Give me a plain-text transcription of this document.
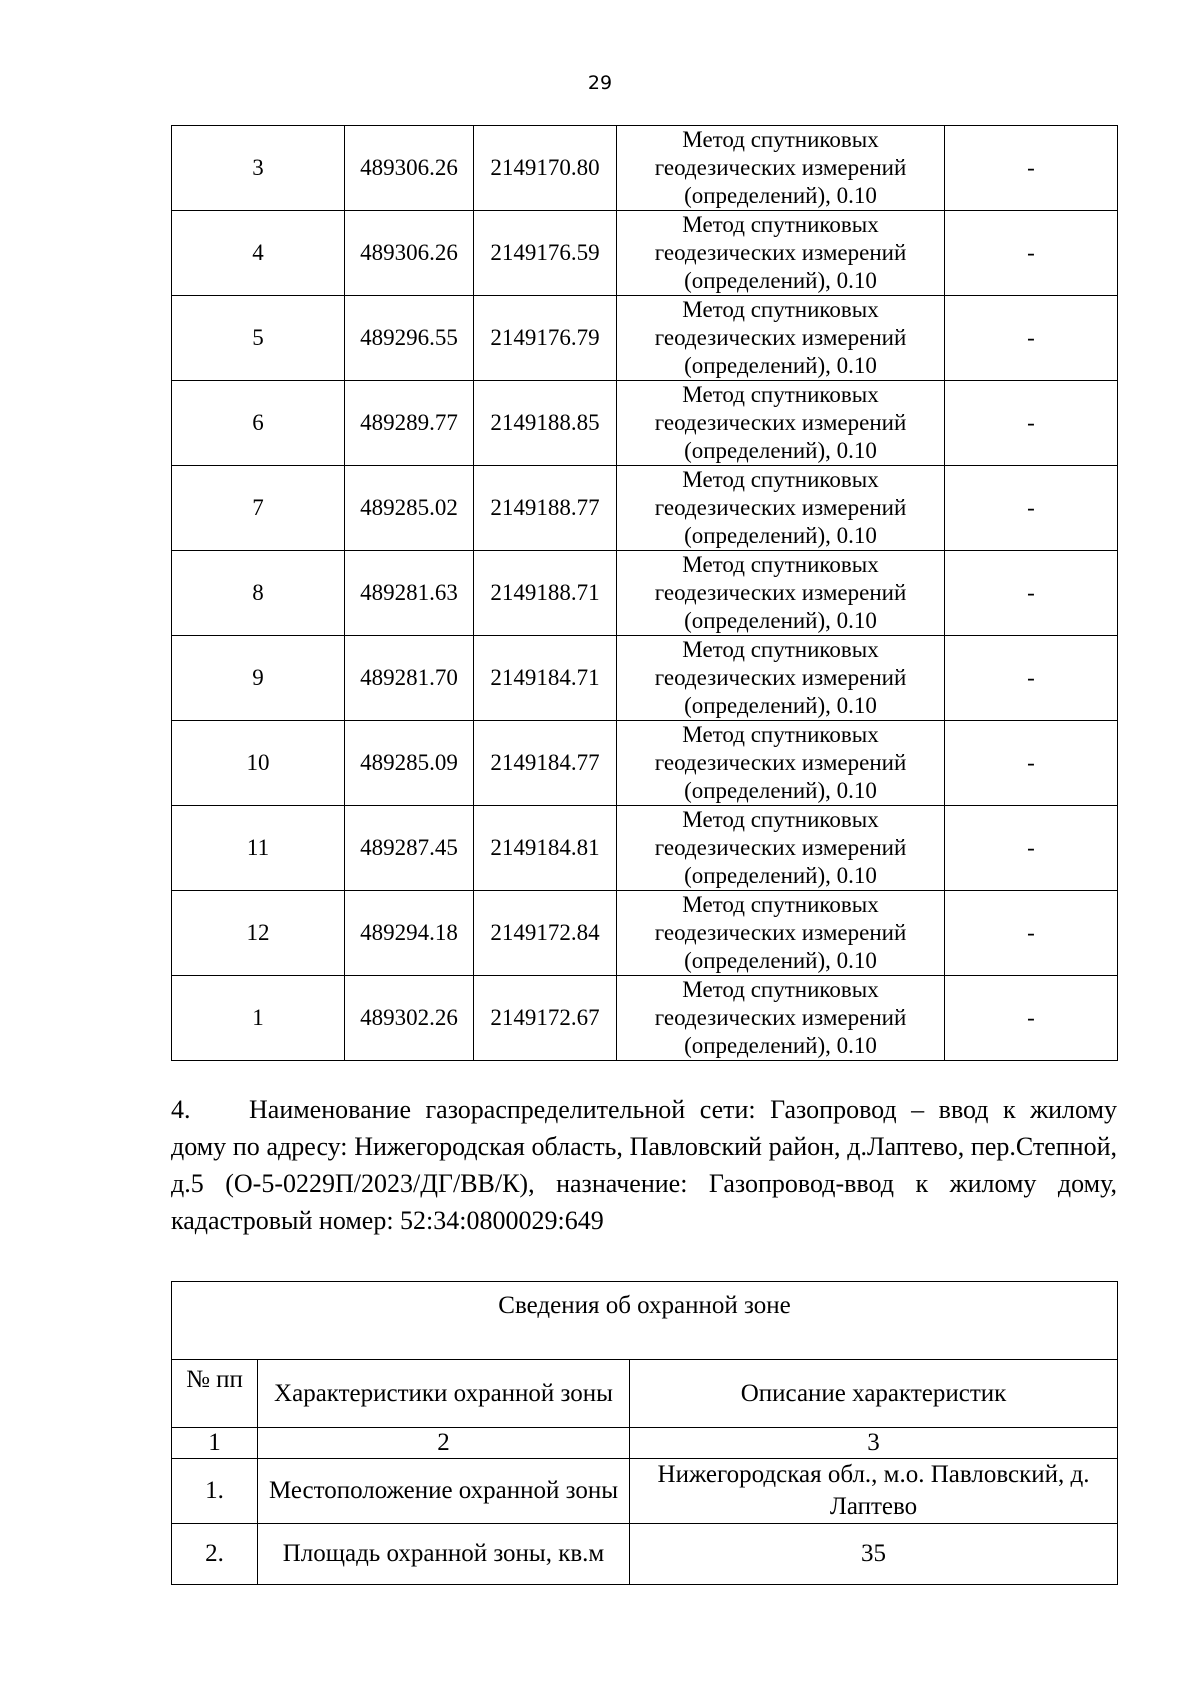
29
3	489306.26	2149170.80	Метод спутниковых
геодезических измерений
(определений), 0.10	-
4	489306.26	2149176.59	Метод спутниковых
геодезических измерений
(определений), 0.10	-
5	489296.55	2149176.79	Метод спутниковых
геодезических измерений
(определений), 0.10	-
6	489289.77	2149188.85	Метод спутниковых
геодезических измерений
(определений), 0.10	-
7	489285.02	2149188.77	Метод спутниковых
геодезических измерений
(определений), 0.10	-
8	489281.63	2149188.71	Метод спутниковых
геодезических измерений
(определений), 0.10	-
9	489281.70	2149184.71	Метод спутниковых
геодезических измерений
(определений), 0.10	-
10	489285.09	2149184.77	Метод спутниковых
геодезических измерений
(определений), 0.10	-
11	489287.45	2149184.81	Метод спутниковых
геодезических измерений
(определений), 0.10	-
12	489294.18	2149172.84	Метод спутниковых
геодезических измерений
(определений), 0.10	-
1	489302.26	2149172.67	Метод спутниковых
геодезических измерений
(определений), 0.10	-
4. Наименование газораспределительной сети: Газопровод – ввод к жилому дому по адресу: Нижегородская область, Павловский район, д.Лаптево, пер.Степной, д.5 (О-5-0229П/2023/ДГ/ВВ/К), назначение: Газопровод-ввод к жилому дому, кадастровый номер: 52:34:0800029:649
Сведения об охранной зоне		
№ пп	Характеристики охранной зоны	Описание характеристик
1	2	3
1.	Местоположение охранной зоны	Нижегородская обл., м.о. Павловский, д. Лаптево
2.	Площадь охранной зоны, кв.м	35
